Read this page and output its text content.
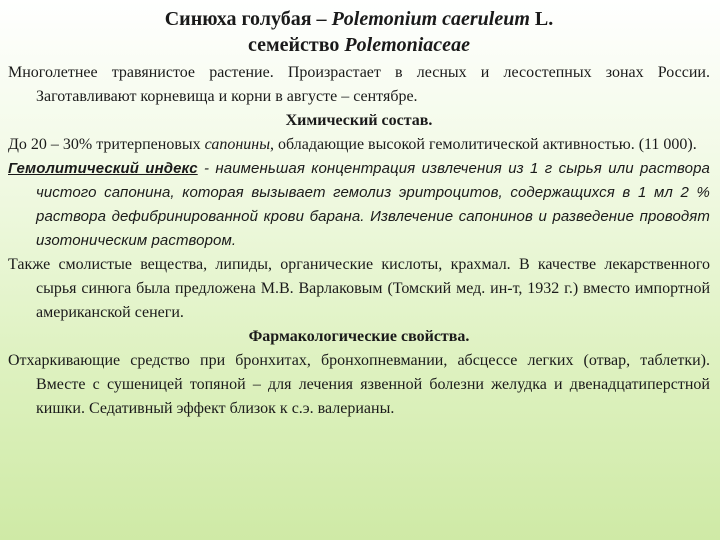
Синюха голубая – Polemonium caeruleum L.
семейство Polemoniaceae

Многолетнее травянистое растение. Произрастает в лесных и лесостепных зонах России. Заготавливают корневища и корни в августе – сентябре.

Химический состав.

До 20 – 30% тритерпеновых сапонины, обладающие высокой гемолитической активностью. (11 000).

Гемолитический индекс - наименьшая концентрация извлечения из 1 г сырья или раствора чистого сапонина, которая вызывает гемолиз эритроцитов, содержащихся в 1 мл 2 % раствора дефибринированной крови барана. Извлечение сапонинов и разведение проводят изотоническим раствором.

Также смолистые вещества, липиды, органические кислоты, крахмал. В качестве лекарственного сырья синюга была предложена М.В. Варлаковым (Томский мед. ин-т, 1932 г.) вместо импортной американской сенеги.

Фармакологические свойства.

Отхаркивающие средство при бронхитах, бронхопневмании, абсцессе легких (отвар, таблетки). Вместе с сушеницей топяной – для лечения язвенной болезни желудка и двенадцатиперстной кишки. Седативный эффект близок к с.э. валерианы.
